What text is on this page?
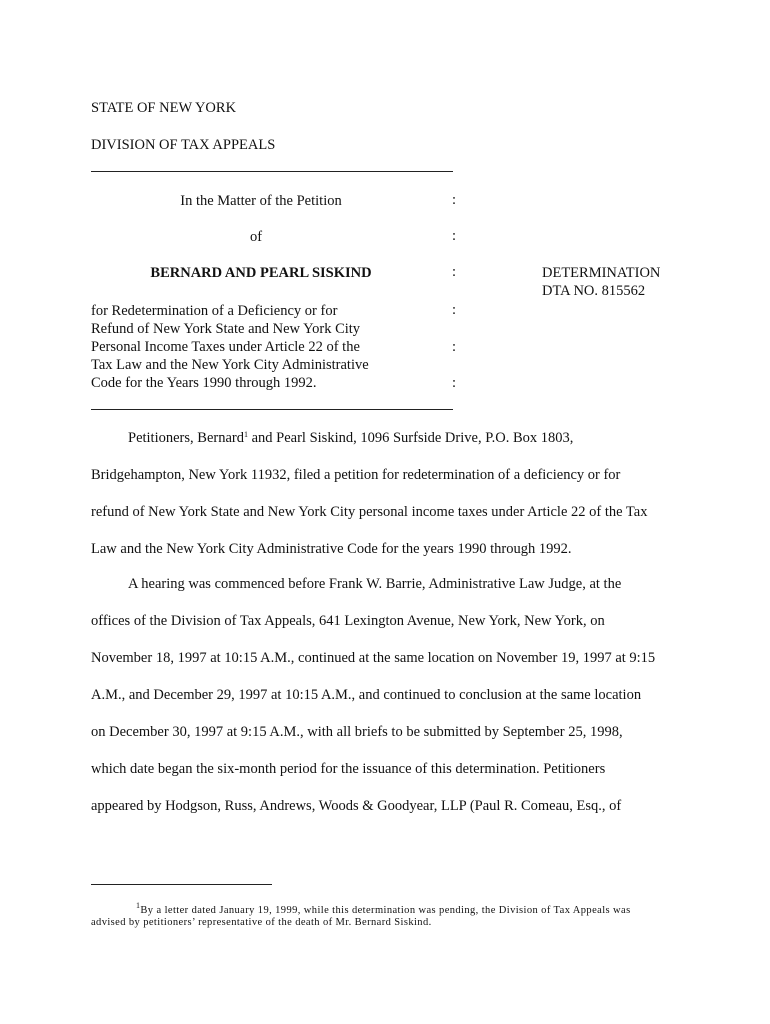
STATE OF NEW YORK
DIVISION OF TAX APPEALS
In the Matter of the Petition
of
BERNARD AND PEARL SISKIND
for Redetermination of a Deficiency or for
Refund of New York State and New York City
Personal Income Taxes under Article 22 of the
Tax Law and the New York City Administrative
Code for the Years 1990 through 1992.
:
:
:
:
:
:
DETERMINATION
DTA NO. 815562
Petitioners, Bernard$^1$ and Pearl Siskind, 1096 Surfside Drive, P.O. Box 1803,
Bridgehampton, New York 11932, filed a petition for redetermination of a deficiency or for
refund of New York State and New York City personal income taxes under Article 22 of the Tax
Law and the New York City Administrative Code for the years 1990 through 1992.
A hearing was commenced before Frank W. Barrie, Administrative Law Judge, at the
offices of the Division of Tax Appeals, 641 Lexington Avenue, New York, New York, on
November 18, 1997 at 10:15 A.M., continued at the same location on November 19, 1997 at 9:15
A.M., and December 29, 1997 at 10:15 A.M., and continued to conclusion at the same location
on December 30, 1997 at 9:15 A.M., with all briefs to be submitted by September 25, 1998,
which date began the six-month period for the issuance of this determination. Petitioners
appeared by Hodgson, Russ, Andrews, Woods & Goodyear, LLP (Paul R. Comeau, Esq., of
$^1$By a letter dated January 19, 1999, while this determination was pending, the Division of Tax Appeals was
advised by petitioners’ representative of the death of Mr. Bernard Siskind.
